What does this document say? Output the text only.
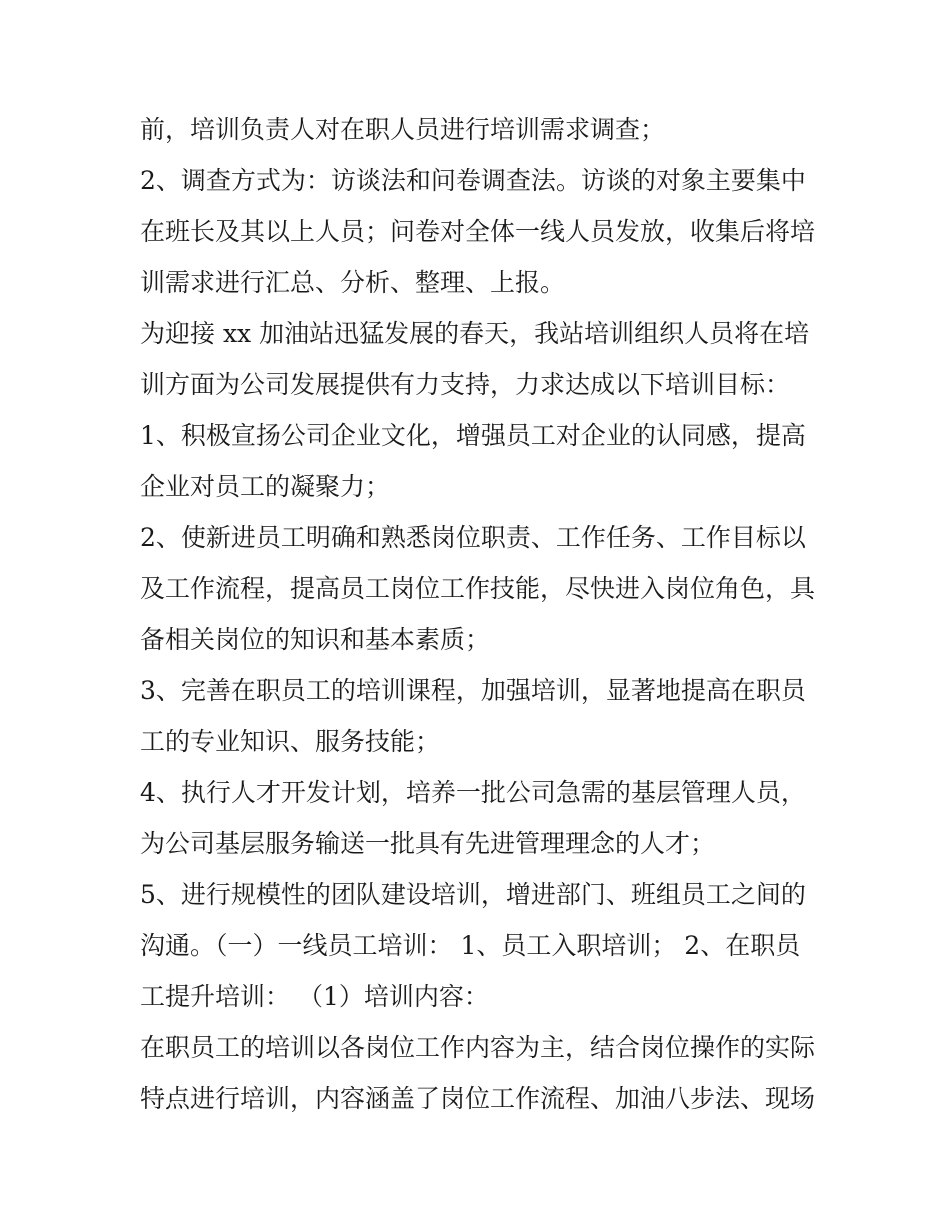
前，培训负责人对在职人员进行培训需求调查；
2、调查方式为：访谈法和问卷调查法。访谈的对象主要集中
在班长及其以上人员；问卷对全体一线人员发放，收集后将培
训需求进行汇总、分析、整理、上报。
为迎接 xx 加油站迅猛发展的春天，我站培训组织人员将在培
训方面为公司发展提供有力支持，力求达成以下培训目标：
1、积极宣扬公司企业文化，增强员工对企业的认同感，提高
企业对员工的凝聚力；
2、使新进员工明确和熟悉岗位职责、工作任务、工作目标以
及工作流程，提高员工岗位工作技能，尽快进入岗位角色，具
备相关岗位的知识和基本素质；
3、完善在职员工的培训课程，加强培训，显著地提高在职员
工的专业知识、服务技能；
4、执行人才开发计划，培养一批公司急需的基层管理人员，
为公司基层服务输送一批具有先进管理理念的人才；
5、进行规模性的团队建设培训，增进部门、班组员工之间的
沟通。（一）一线员工培训： 1、员工入职培训； 2、在职员
工提升培训： （1）培训内容：
在职员工的培训以各岗位工作内容为主，结合岗位操作的实际
特点进行培训，内容涵盖了岗位工作流程、加油八步法、现场
